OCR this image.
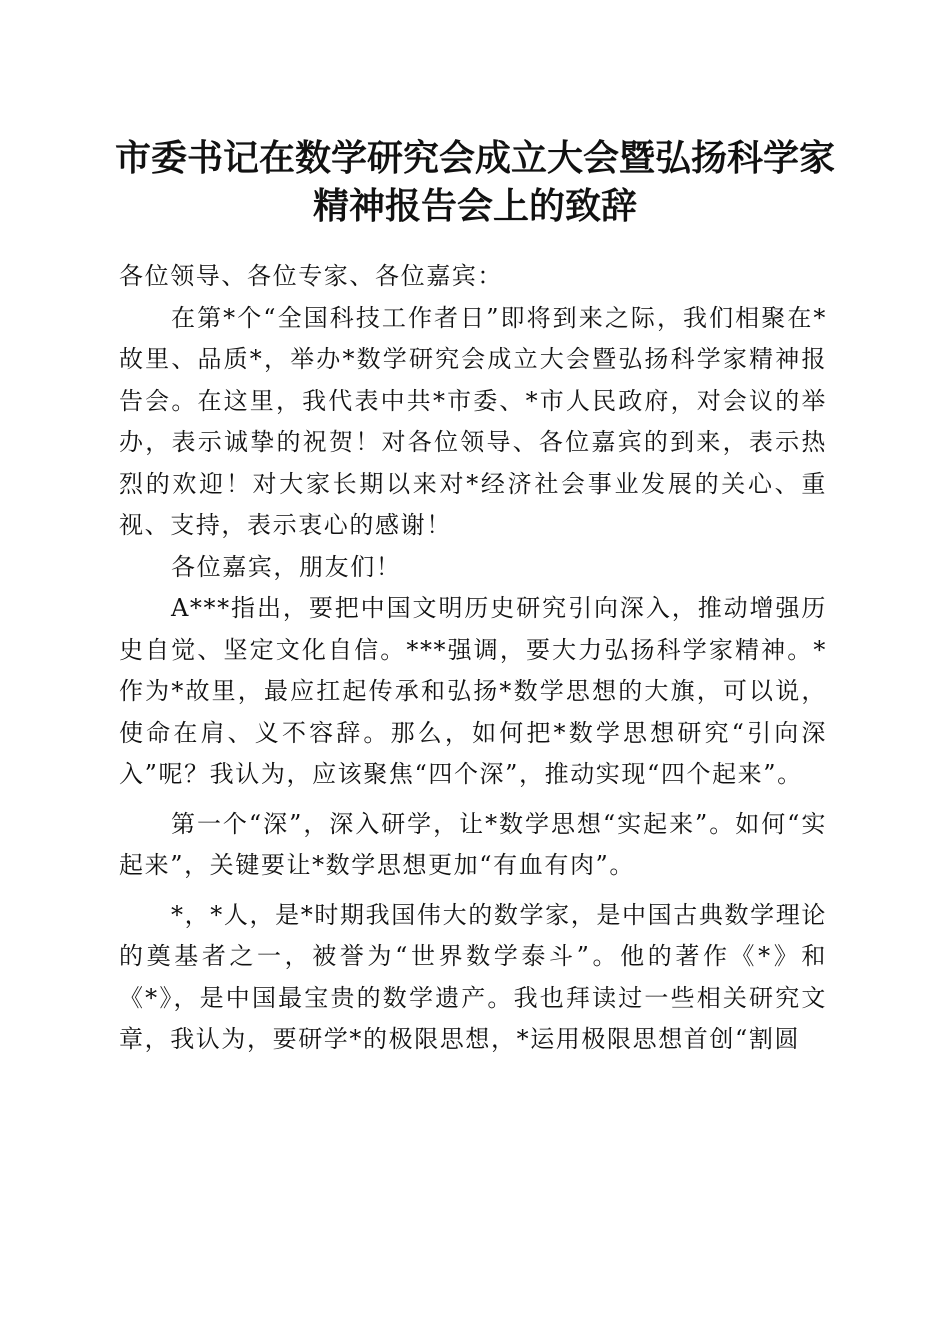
市委书记在数学研究会成立大会暨弘扬科学家
精神报告会上的致辞

各位领导、各位专家、各位嘉宾：

在第*个“全国科技工作者日”即将到来之际，我们相聚在*故里、品质*，举办*数学研究会成立大会暨弘扬科学家精神报告会。在这里，我代表中共*市委、*市人民政府，对会议的举办，表示诚挚的祝贺！对各位领导、各位嘉宾的到来，表示热烈的欢迎！对大家长期以来对*经济社会事业发展的关心、重视、支持，表示衷心的感谢！

各位嘉宾，朋友们！

A***指出，要把中国文明历史研究引向深入，推动增强历史自觉、坚定文化自信。***强调，要大力弘扬科学家精神。*作为*故里，最应扛起传承和弘扬*数学思想的大旗，可以说，使命在肩、义不容辞。那么，如何把*数学思想研究“引向深入”呢？我认为，应该聚焦“四个深”，推动实现“四个起来”。

第一个“深”，深入研学，让*数学思想“实起来”。如何“实起来”，关键要让*数学思想更加“有血有肉”。

*，*人，是*时期我国伟大的数学家，是中国古典数学理论的奠基者之一，被誉为“世界数学泰斗”。他的著作《*》和《*》，是中国最宝贵的数学遗产。我也拜读过一些相关研究文章，我认为，要研学*的极限思想，*运用极限思想首创“割圆
